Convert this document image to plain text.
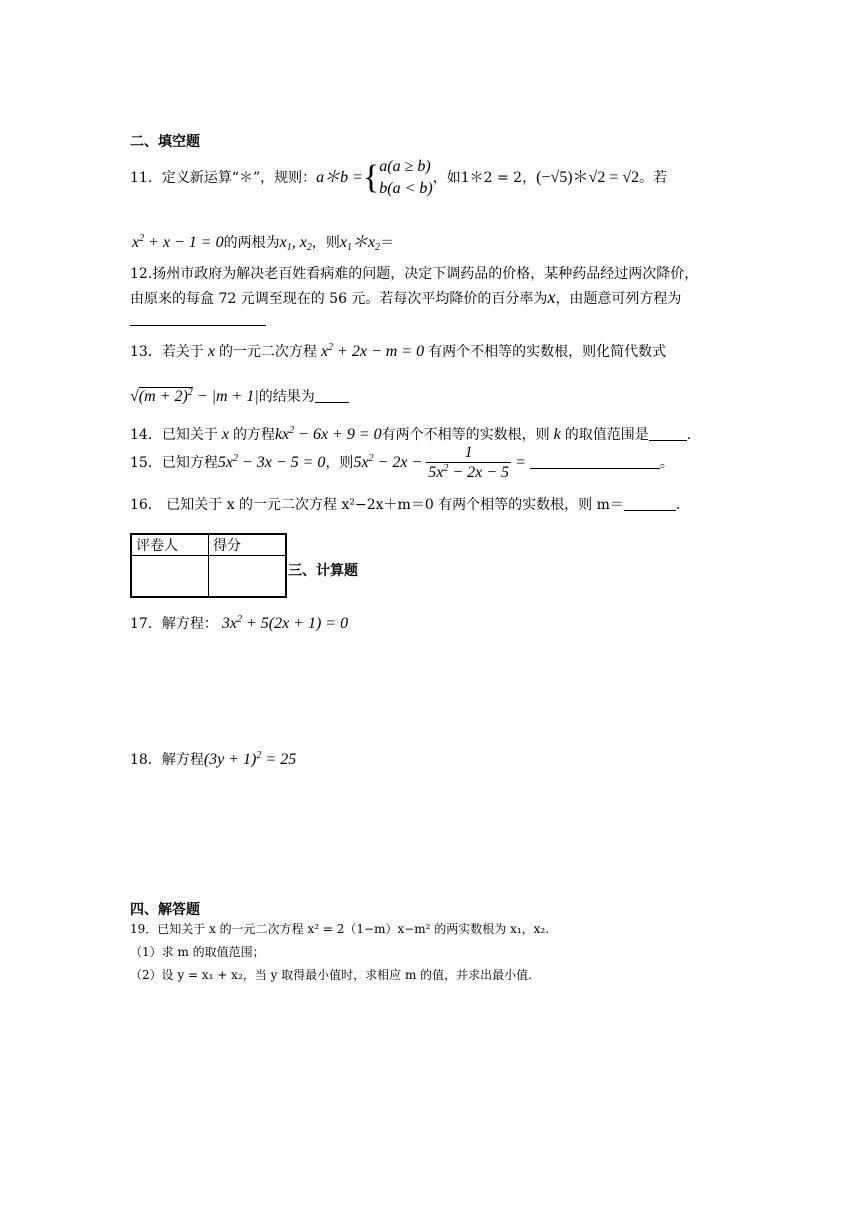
二、填空题
11．定义新运算“＊”，规则：a＊b ={ a(a ≥ b)
b(a < b)
，如1＊2 = 2，(−√5)＊√2 = √2。若
$x^2 + x - 1 = 0$的两根为$x_1$, $x_2$，则$x_1*x_2=$
12.扬州市政府为解决老百姓看病难的问题，决定下调药品的价格，某种药品经过两次降价，
由原来的每盒 72 元调至现在的 56 元。若每次平均降价的百分率为x，由题意可列方程为
13．若关于 x 的一元二次方程 $x^2 + 2x - m = 0$ 有两个不相等的实数根，则化简代数式
$√(m + 2)^2 - |m + 1|$的结果为
14．已知关于 x 的方程$kx^2 - 6x + 9 = 0$有两个不相等的实数根，则 k 的取值范围是	.
15．已知方程$5x^2 - 3x - 5 = 0$，则$5x^2 - 2x - \frac{1}{5x^2 - 2x - 5}$ =	。
16． 已知关于 x 的一元二次方程 x²−2x＋m＝0 有两个相等的实数根，则 m＝	.
评卷人	得分

三、计算题
17．解方程： $3x^2 + 5(2x + 1) = 0$
18．解方程$(3y + 1)^2 = 25$
四、解答题
19．已知关于 x 的一元二次方程 x² = 2（1−m）x−m² 的两实数根为 x₁，x₂.
（1）求 m 的取值范围；
（2）设 y = x₁ + x₂，当 y 取得最小值时，求相应 m 的值，并求出最小值.
